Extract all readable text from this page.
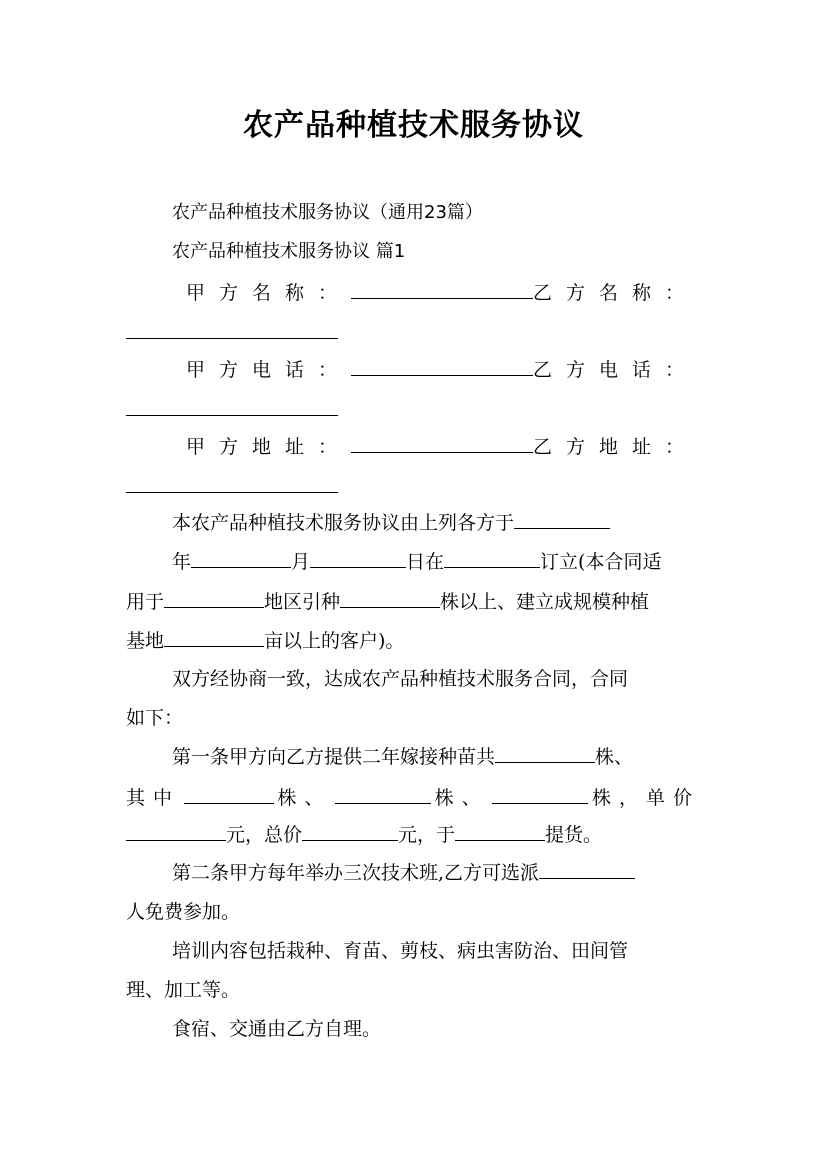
农产品种植技术服务协议
农产品种植技术服务协议（通用23篇）
农产品种植技术服务协议 篇1
甲方名称：	乙方名称：
甲方电话：	乙方电话：
甲方地址：	乙方地址：
本农产品种植技术服务协议由上列各方于
年	月	日在	订立(本合同适
用于	地区引种	株以上、建立成规模种植
基地	亩以上的客户)。
双方经协商一致，达成农产品种植技术服务合同，合同
如下：
第一条甲方向乙方提供二年嫁接种苗共	株、
其中	株、	株、	株，单价
元，总价	元，于	提货。
第二条甲方每年举办三次技术班,乙方可选派
人免费参加。
培训内容包括栽种、育苗、剪枝、病虫害防治、田间管
理、加工等。
食宿、交通由乙方自理。
